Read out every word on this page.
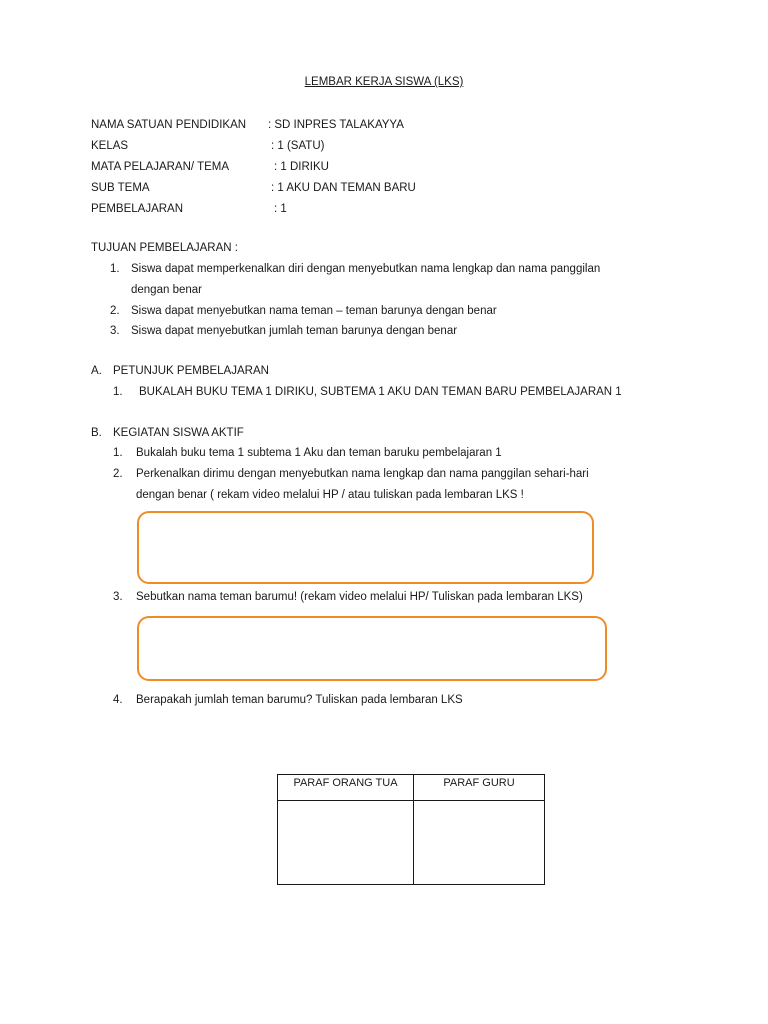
LEMBAR KERJA SISWA (LKS)
NAMA SATUAN PENDIDIKAN : SD INPRES TALAKAYYA
KELAS	: 1 (SATU)
MATA PELAJARAN/ TEMA	: 1 DIRIKU
SUB TEMA	: 1 AKU DAN TEMAN BARU
PEMBELAJARAN	: 1
TUJUAN PEMBELAJARAN :
1. Siswa dapat memperkenalkan diri dengan menyebutkan nama lengkap dan nama panggilan
dengan benar
2. Siswa dapat menyebutkan nama teman – teman barunya dengan benar
3. Siswa dapat menyebutkan jumlah teman barunya dengan benar
A. PETUNJUK PEMBELAJARAN
1. BUKALAH BUKU TEMA 1 DIRIKU, SUBTEMA 1 AKU DAN TEMAN BARU PEMBELAJARAN 1
B. KEGIATAN SISWA AKTIF
1. Bukalah buku tema 1 subtema 1 Aku dan teman baruku pembelajaran 1
2. Perkenalkan dirimu dengan menyebutkan nama lengkap dan nama panggilan sehari-hari
dengan benar ( rekam video melalui HP / atau tuliskan pada lembaran LKS !
3. Sebutkan nama teman barumu! (rekam video melalui HP/ Tuliskan pada lembaran LKS)
4. Berapakah jumlah teman barumu? Tuliskan pada lembaran LKS
PARAF ORANG TUA	PARAF GURU
